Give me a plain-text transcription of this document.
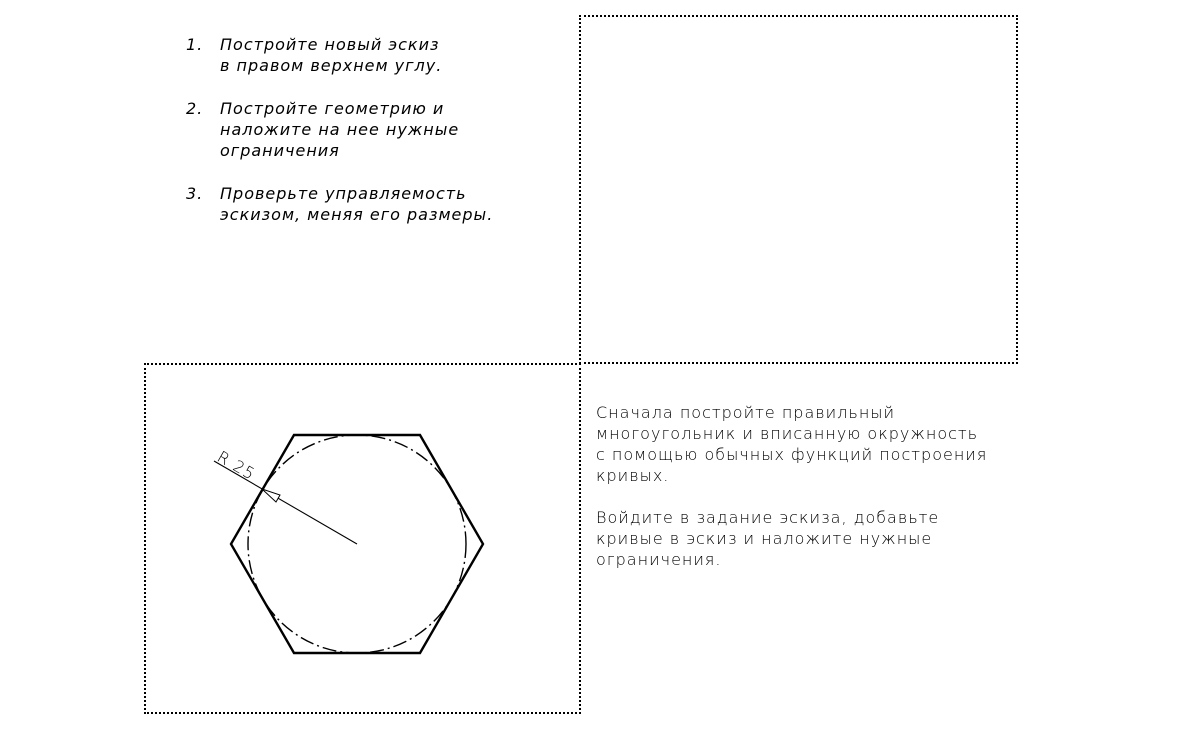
1.	Постройте новый эскиз
в правом верхнем углу.
2.	Постройте геометрию и
наложите на нее нужные
ограничения
3.	Проверьте управляемость
эскизом, меняя его размеры.
R 25

Сначала постройте правильный
многоугольник и вписанную окружность
с помощью обычных функций построения
кривых.

Войдите в задание эскиза, добавьте
кривые в эскиз и наложите нужные
ограничения.
